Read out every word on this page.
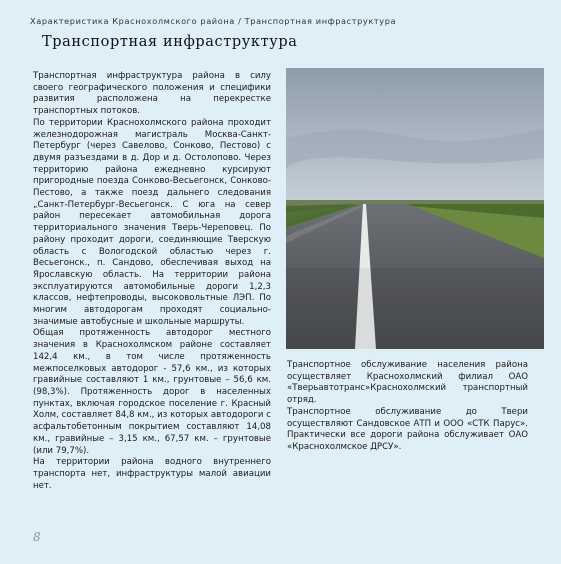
Характеристика Краснохолмского района / Транспортная инфраструктура
Транспортная инфраструктура

Транспортная инфраструктура района в силу своего географического положения и специфики развития расположена на перекрестке транспортных потоков.

По территории Краснохолмского района проходит железнодорожная магистраль Москва-Санкт-Петербург (через Савелово, Сонково, Пестово) с двумя разъездами в д. Дор и д. Остолопово. Через территорию района ежедневно курсируют пригородные поезда Сонково-Весьегонск, Сонково-Пестово, а также поезд дальнего следования „Санкт-Петербург-Весьегонск. С юга на север район пересекает автомобильная дорога территориального значения Тверь-Череповец. По району проходит дороги, соединяющие Тверскую область с Вологодской областью через г. Весьегонск., п. Сандово, обеспечивая выход на Ярославскую область. На территории района эксплуатируются автомобильные дороги 1,2,3 классов, нефтепроводы, высоковольтные ЛЭП. По многим автодорогам проходят социально-значимые автобусные и школьные маршруты.

Общая протяженность автодорог местного значения в Краснохолмском районе составляет 142,4 км., в том числе протяженность межпоселковых автодорог - 57,6 км., из которых гравийные составляют 1 км., грунтовые – 56,6 км. (98,3%). Протяженность дорог в населенных пунктах, включая городское поселение г. Красный Холм, составляет 84,8 км., из которых автодороги с асфальтобетонным покрытием составляют 14,08 км., гравийные – 3,15 км., 67,57 км. – грунтовые (или 79,7%).

На территории района водного внутреннего транспорта нет, инфраструктуры малой авиации нет.

Транспортное обслуживание населения района осуществляет Краснохолмский филиал ОАО «Тверьавтотранс»Краснохолмский транспортный отряд.

Транспортное обслуживание до Твери осуществляют Сандовское АТП и ООО «СТК Парус». Практически все дороги района обслуживает ОАО «Краснохолмское ДРСУ».

8
